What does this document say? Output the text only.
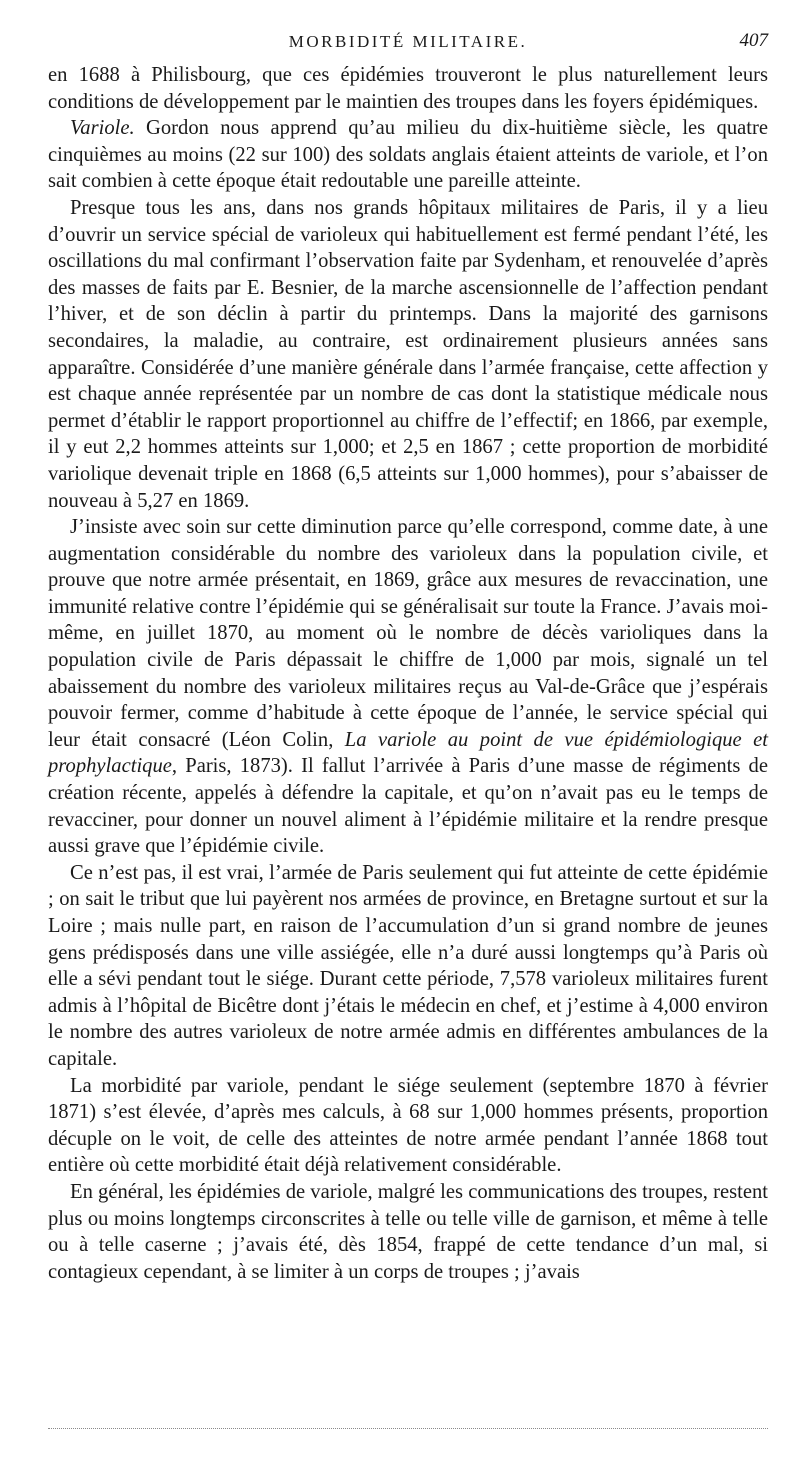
MORBIDITÉ MILITAIRE.	407

en 1688 à Philisbourg, que ces épidémies trouveront le plus naturellement leurs conditions de développement par le maintien des troupes dans les foyers épidémiques.

Variole. Gordon nous apprend qu’au milieu du dix-huitième siècle, les quatre cinquièmes au moins (22 sur 100) des soldats anglais étaient atteints de variole, et l’on sait combien à cette époque était redoutable une pareille atteinte.

Presque tous les ans, dans nos grands hôpitaux militaires de Paris, il y a lieu d’ouvrir un service spécial de varioleux qui habituellement est fermé pendant l’été, les oscillations du mal confirmant l’observation faite par Sydenham, et renouvelée d’après des masses de faits par E. Besnier, de la marche ascensionnelle de l’affection pendant l’hiver, et de son déclin à partir du printemps. Dans la majorité des garnisons secondaires, la maladie, au contraire, est ordinairement plusieurs années sans apparaître. Considérée d’une manière générale dans l’armée française, cette affection y est chaque année représentée par un nombre de cas dont la statistique médicale nous permet d’établir le rapport proportionnel au chiffre de l’effectif; en 1866, par exemple, il y eut 2,2 hommes atteints sur 1,000; et 2,5 en 1867 ; cette proportion de morbidité variolique devenait triple en 1868 (6,5 atteints sur 1,000 hommes), pour s’abaisser de nouveau à 5,27 en 1869.

J’insiste avec soin sur cette diminution parce qu’elle correspond, comme date, à une augmentation considérable du nombre des varioleux dans la population civile, et prouve que notre armée présentait, en 1869, grâce aux mesures de revaccination, une immunité relative contre l’épidémie qui se généralisait sur toute la France. J’avais moi-même, en juillet 1870, au moment où le nombre de décès varioliques dans la population civile de Paris dépassait le chiffre de 1,000 par mois, signalé un tel abaissement du nombre des varioleux militaires reçus au Val-de-Grâce que j’espérais pouvoir fermer, comme d’habitude à cette époque de l’année, le service spécial qui leur était consacré (Léon Colin, La variole au point de vue épidémiologique et prophylactique, Paris, 1873). Il fallut l’arrivée à Paris d’une masse de régiments de création récente, appelés à défendre la capitale, et qu’on n’avait pas eu le temps de revacciner, pour donner un nouvel aliment à l’épidémie militaire et la rendre presque aussi grave que l’épidémie civile.

Ce n’est pas, il est vrai, l’armée de Paris seulement qui fut atteinte de cette épidémie ; on sait le tribut que lui payèrent nos armées de province, en Bretagne surtout et sur la Loire ; mais nulle part, en raison de l’accumulation d’un si grand nombre de jeunes gens prédisposés dans une ville assiégée, elle n’a duré aussi longtemps qu’à Paris où elle a sévi pendant tout le siége. Durant cette période, 7,578 varioleux militaires furent admis à l’hôpital de Bicêtre dont j’étais le médecin en chef, et j’estime à 4,000 environ le nombre des autres varioleux de notre armée admis en différentes ambulances de la capitale.

La morbidité par variole, pendant le siége seulement (septembre 1870 à février 1871) s’est élevée, d’après mes calculs, à 68 sur 1,000 hommes présents, proportion décuple on le voit, de celle des atteintes de notre armée pendant l’année 1868 tout entière où cette morbidité était déjà relativement considérable.

En général, les épidémies de variole, malgré les communications des troupes, restent plus ou moins longtemps circonscrites à telle ou telle ville de garnison, et même à telle ou à telle caserne ; j’avais été, dès 1854, frappé de cette tendance d’un mal, si contagieux cependant, à se limiter à un corps de troupes ; j’avais
